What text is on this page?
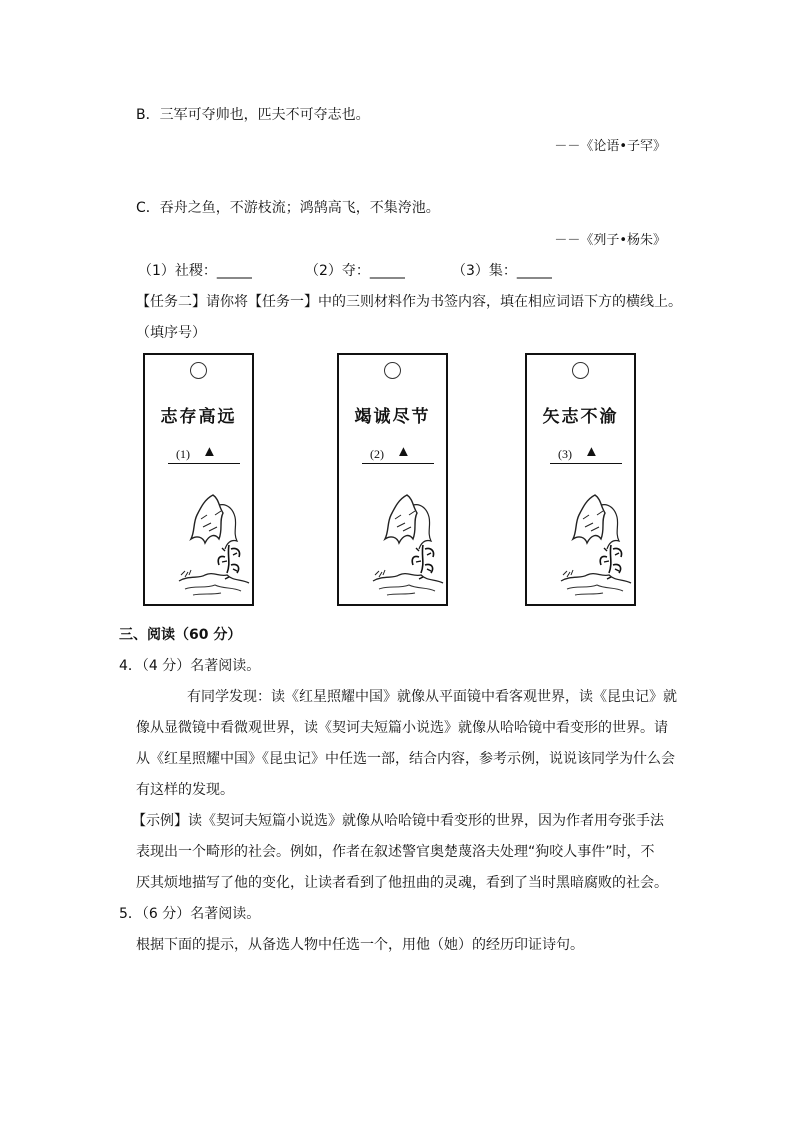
B．三军可夺帅也，匹夫不可夺志也。
－－《论语•子罕》
C．吞舟之鱼，不游枝流；鸿鹄高飞，不集洿池。
－－《列子•杨朱》
（1）社稷：_____	（2）夺：_____	（3）集：_____
【任务二】请你将【任务一】中的三则材料作为书签内容，填在相应词语下方的横线上。
（填序号）
志存高远
(1) ▲
竭诚尽节
(2) ▲
矢志不渝
(3) ▲
三、阅读（60 分）
4．（4 分）名著阅读。
有同学发现：读《红星照耀中国》就像从平面镜中看客观世界，读《昆虫记》就
像从显微镜中看微观世界，读《契诃夫短篇小说选》就像从哈哈镜中看变形的世界。请
从《红星照耀中国》《昆虫记》中任选一部，结合内容，参考示例，说说该同学为什么会
有这样的发现。
【示例】读《契诃夫短篇小说选》就像从哈哈镜中看变形的世界，因为作者用夸张手法
表现出一个畸形的社会。例如，作者在叙述警官奥楚蔑洛夫处理“狗咬人事件”时，不
厌其烦地描写了他的变化，让读者看到了他扭曲的灵魂，看到了当时黑暗腐败的社会。
5．（6 分）名著阅读。
根据下面的提示，从备选人物中任选一个，用他（她）的经历印证诗句。
